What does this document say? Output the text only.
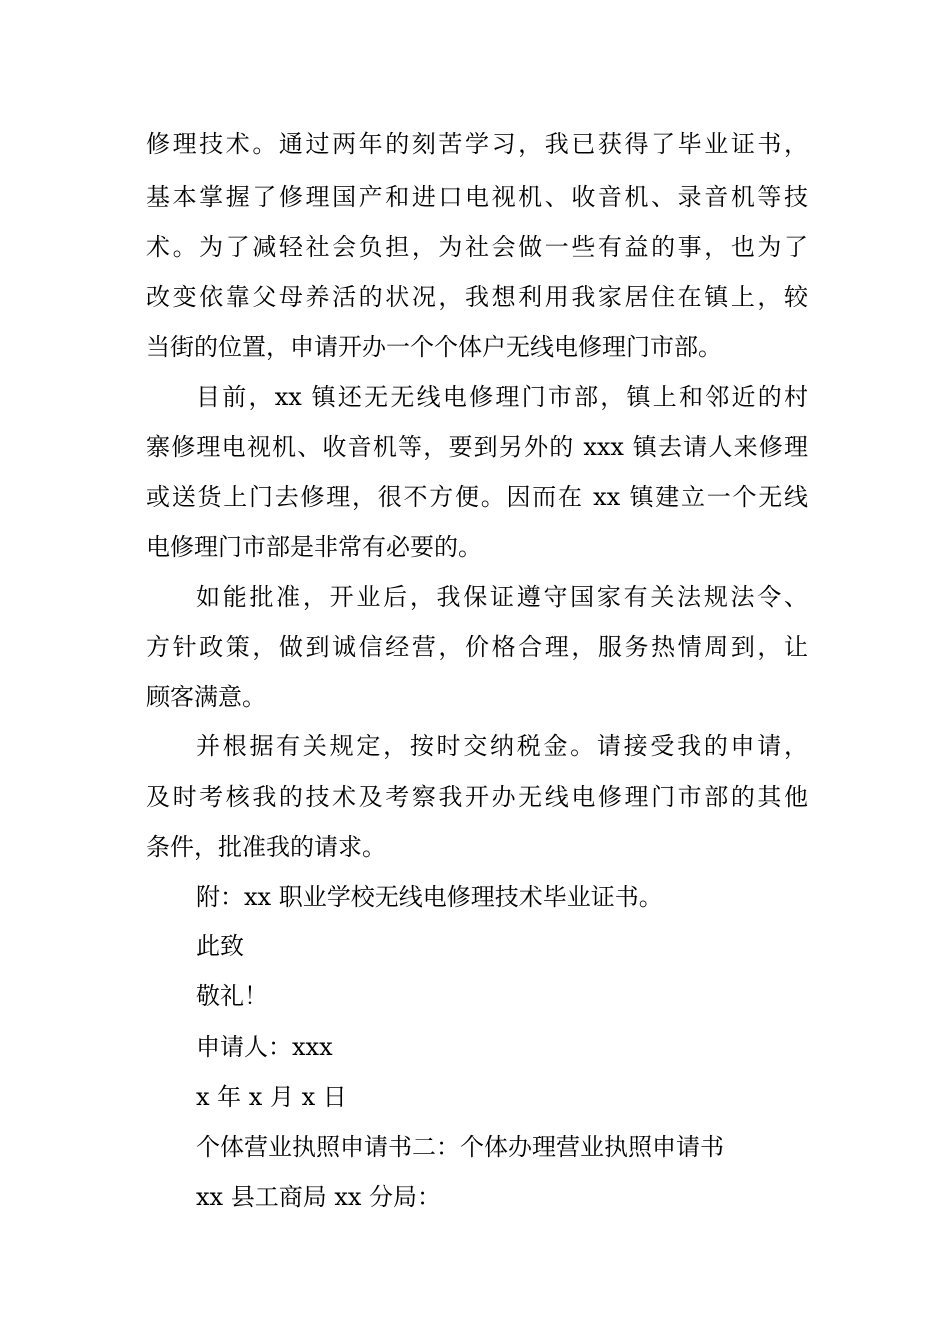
修理技术。通过两年的刻苦学习，我已获得了毕业证书，
基本掌握了修理国产和进口电视机、收音机、录音机等技
术。为了减轻社会负担，为社会做一些有益的事，也为了
改变依靠父母养活的状况，我想利用我家居住在镇上，较
当街的位置，申请开办一个个体户无线电修理门市部。
目前，xx 镇还无无线电修理门市部，镇上和邻近的村
寨修理电视机、收音机等，要到另外的 xxx 镇去请人来修理
或送货上门去修理，很不方便。因而在 xx 镇建立一个无线
电修理门市部是非常有必要的。
如能批准，开业后，我保证遵守国家有关法规法令、
方针政策，做到诚信经营，价格合理，服务热情周到，让
顾客满意。
并根据有关规定，按时交纳税金。请接受我的申请，
及时考核我的技术及考察我开办无线电修理门市部的其他
条件，批准我的请求。
附：xx 职业学校无线电修理技术毕业证书。
此致
敬礼！
申请人：xxx
x 年 x 月 x 日
个体营业执照申请书二：个体办理营业执照申请书
xx 县工商局 xx 分局：
